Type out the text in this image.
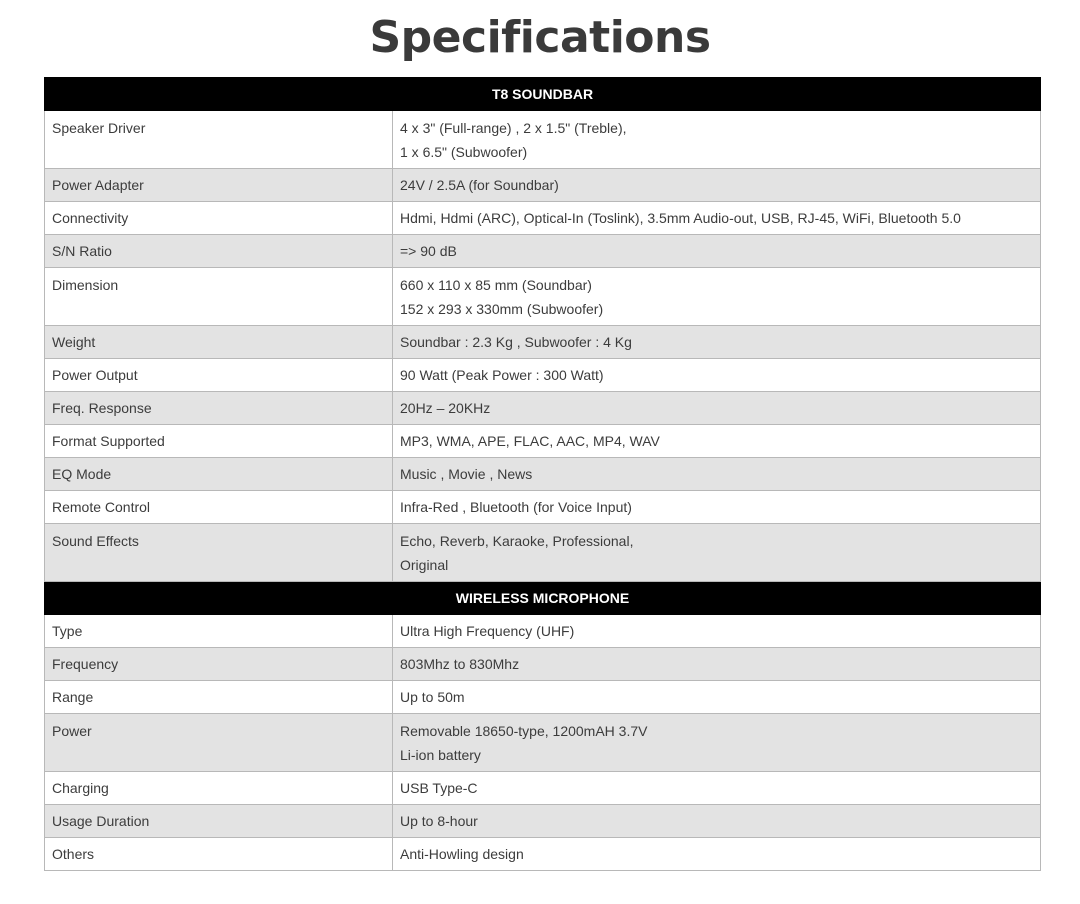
Specifications
T8 SOUNDBAR	
Speaker Driver	4 x 3" (Full-range) , 2 x 1.5" (Treble),
1 x 6.5" (Subwoofer)

Power Adapter	24V / 2.5A (for Soundbar)

Connectivity	Hdmi, Hdmi (ARC), Optical-In (Toslink), 3.5mm Audio-out, USB, RJ-45, WiFi, Bluetooth 5.0

S/N Ratio	=> 90 dB

Dimension	660 x 110 x 85 mm (Soundbar)
152 x 293 x 330mm (Subwoofer)

Weight	Soundbar : 2.3 Kg , Subwoofer : 4 Kg

Power Output	90 Watt (Peak Power : 300 Watt)

Freq. Response	20Hz – 20KHz

Format Supported	MP3, WMA, APE, FLAC, AAC, MP4, WAV

EQ Mode	Music , Movie , News

Remote Control	Infra-Red , Bluetooth (for Voice Input)

Sound Effects	Echo, Reverb, Karaoke, Professional,
Original

WIRELESS MICROPHONE	
Type	Ultra High Frequency (UHF)

Frequency	803Mhz to 830Mhz

Range	Up to 50m

Power	Removable 18650-type, 1200mAH 3.7V
Li-ion battery

Charging	USB Type-C

Usage Duration	Up to 8-hour

Others	Anti-Howling design
